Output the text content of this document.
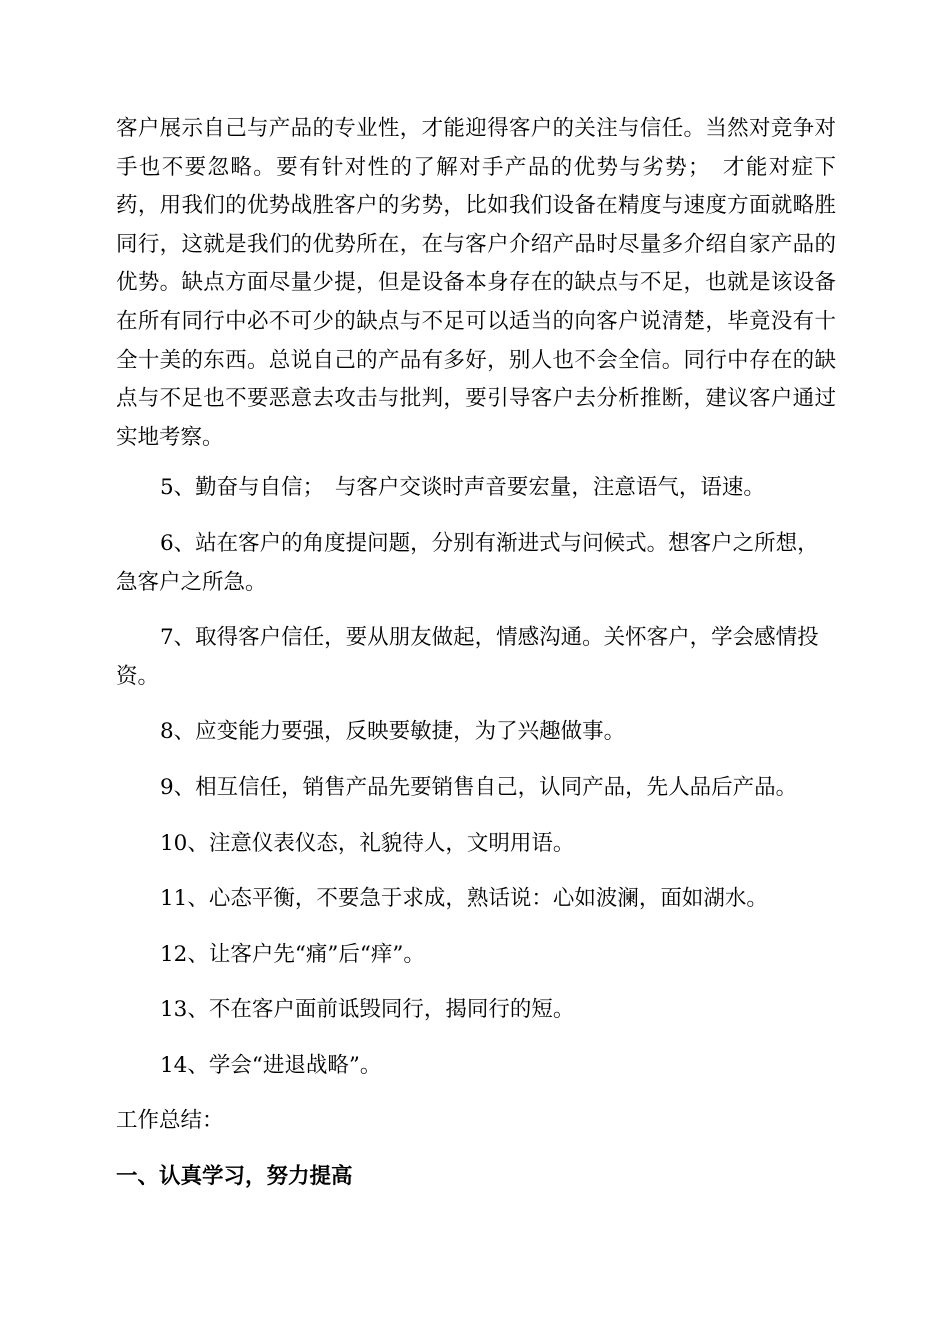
客户展示自己与产品的专业性，才能迎得客户的关注与信任。当然对竞争对手也不要忽略。要有针对性的了解对手产品的优势与劣势；　才能对症下药，用我们的优势战胜客户的劣势，比如我们设备在精度与速度方面就略胜同行，这就是我们的优势所在，在与客户介绍产品时尽量多介绍自家产品的优势。缺点方面尽量少提，但是设备本身存在的缺点与不足，也就是该设备在所有同行中必不可少的缺点与不足可以适当的向客户说清楚，毕竟没有十全十美的东西。总说自己的产品有多好，别人也不会全信。同行中存在的缺点与不足也不要恶意去攻击与批判，要引导客户去分析推断，建议客户通过实地考察。

5、勤奋与自信；　与客户交谈时声音要宏量，注意语气，语速。

6、站在客户的角度提问题，分别有渐进式与问候式。想客户之所想，急客户之所急。

7、取得客户信任，要从朋友做起，情感沟通。关怀客户，学会感情投资。

8、应变能力要强，反映要敏捷，为了兴趣做事。

9、相互信任，销售产品先要销售自己，认同产品，先人品后产品。

10、注意仪表仪态，礼貌待人，文明用语。

11、心态平衡，不要急于求成，熟话说：心如波澜，面如湖水。

12、让客户先“痛”后“痒”。

13、不在客户面前诋毁同行，揭同行的短。

14、学会“进退战略”。

工作总结：

一、认真学习，努力提高
